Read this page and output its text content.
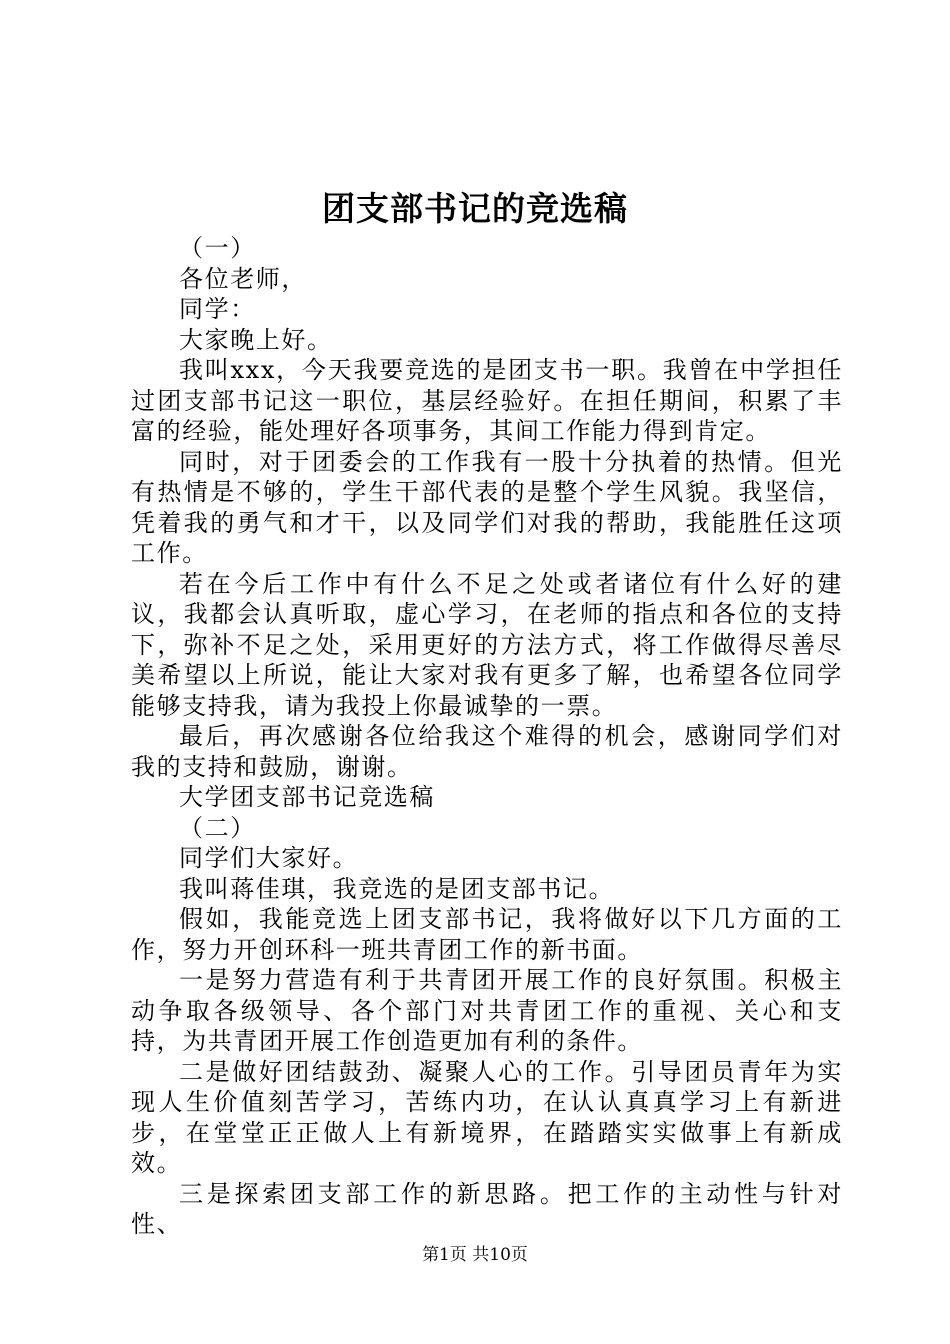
团支部书记的竞选稿

（一）

各位老师，

同学：

大家晚上好。

我叫xxx，今天我要竞选的是团支书一职。我曾在中学担任过团支部书记这一职位，基层经验好。在担任期间，积累了丰富的经验，能处理好各项事务，其间工作能力得到肯定。

同时，对于团委会的工作我有一股十分执着的热情。但光有热情是不够的，学生干部代表的是整个学生风貌。我坚信，凭着我的勇气和才干，以及同学们对我的帮助，我能胜任这项工作。

若在今后工作中有什么不足之处或者诸位有什么好的建议，我都会认真听取，虚心学习，在老师的指点和各位的支持下，弥补不足之处，采用更好的方法方式，将工作做得尽善尽美希望以上所说，能让大家对我有更多了解，也希望各位同学能够支持我，请为我投上你最诚挚的一票。

最后，再次感谢各位给我这个难得的机会，感谢同学们对我的支持和鼓励，谢谢。

大学团支部书记竞选稿

（二）

同学们大家好。

我叫蒋佳琪，我竞选的是团支部书记。

假如，我能竞选上团支部书记，我将做好以下几方面的工作，努力开创环科一班共青团工作的新书面。

一是努力营造有利于共青团开展工作的良好氛围。积极主动争取各级领导、各个部门对共青团工作的重视、关心和支持，为共青团开展工作创造更加有利的条件。

二是做好团结鼓劲、凝聚人心的工作。引导团员青年为实现人生价值刻苦学习，苦练内功，在认认真真学习上有新进步，在堂堂正正做人上有新境界，在踏踏实实做事上有新成效。

三是探索团支部工作的新思路。把工作的主动性与针对性、

第1页 共10页
